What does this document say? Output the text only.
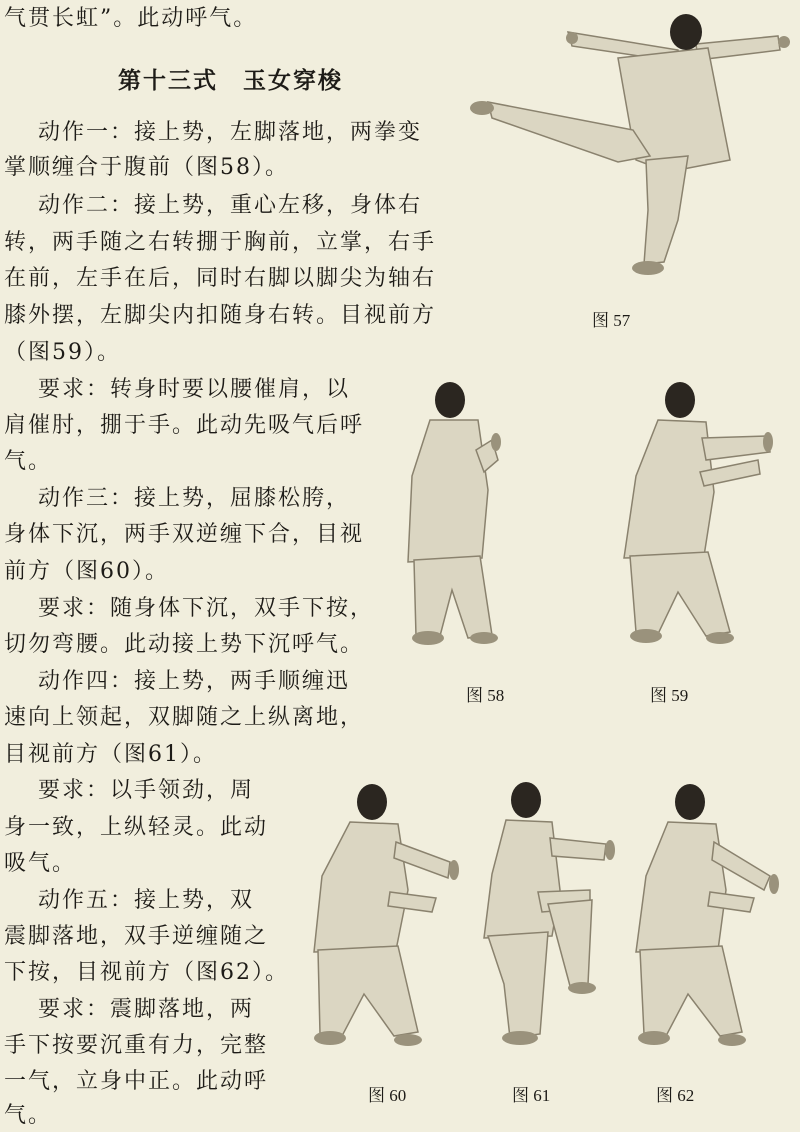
气贯长虹”。此动呼气。
第十三式　玉女穿梭
　动作一：接上势，左脚落地，两拳变
掌顺缠合于腹前（图58）。
　动作二：接上势，重心左移，身体右
转，两手随之右转掤于胸前，立掌，右手
在前，左手在后，同时右脚以脚尖为轴右
膝外摆，左脚尖内扣随身右转。目视前方
（图59）。
　要求：转身时要以腰催肩，以
肩催肘，掤于手。此动先吸气后呼
气。
　动作三：接上势，屈膝松胯，
身体下沉，两手双逆缠下合，目视
前方（图60）。
　要求：随身体下沉，双手下按，
切勿弯腰。此动接上势下沉呼气。
　动作四：接上势，两手顺缠迅
速向上领起，双脚随之上纵离地，
目视前方（图61）。
　要求：以手领劲，周
身一致，上纵轻灵。此动
吸气。
　动作五：接上势，双
震脚落地，双手逆缠随之
下按，目视前方（图62）。
　要求：震脚落地，两
手下按要沉重有力，完整
一气，立身中正。此动呼
气。
图 57
图 58	图 59
图 60	图 61	图 62
